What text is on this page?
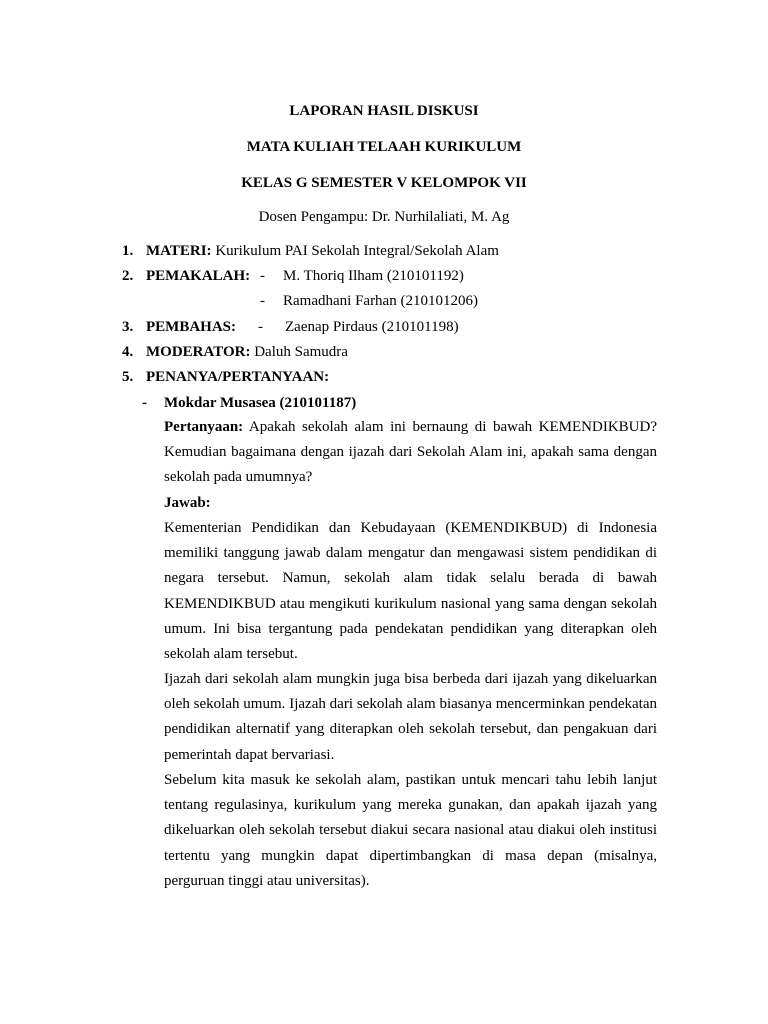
LAPORAN HASIL DISKUSI
MATA KULIAH TELAAH KURIKULUM
KELAS G SEMESTER V KELOMPOK VII
Dosen Pengampu: Dr. Nurhilaliati, M. Ag
1. MATERI: Kurikulum PAI Sekolah Integral/Sekolah Alam
2. PEMAKALAH: - M. Thoriq Ilham (210101192)
- Ramadhani Farhan (210101206)
3. PEMBAHAS: - Zaenap Pirdaus (210101198)
4. MODERATOR: Daluh Samudra
5. PENANYA/PERTANYAAN:
- Mokdar Musasea (210101187)
Pertanyaan: Apakah sekolah alam ini bernaung di bawah KEMENDIKBUD? Kemudian bagaimana dengan ijazah dari Sekolah Alam ini, apakah sama dengan sekolah pada umumnya?
Jawab:
Kementerian Pendidikan dan Kebudayaan (KEMENDIKBUD) di Indonesia memiliki tanggung jawab dalam mengatur dan mengawasi sistem pendidikan di negara tersebut. Namun, sekolah alam tidak selalu berada di bawah KEMENDIKBUD atau mengikuti kurikulum nasional yang sama dengan sekolah umum. Ini bisa tergantung pada pendekatan pendidikan yang diterapkan oleh sekolah alam tersebut.
Ijazah dari sekolah alam mungkin juga bisa berbeda dari ijazah yang dikeluarkan oleh sekolah umum. Ijazah dari sekolah alam biasanya mencerminkan pendekatan pendidikan alternatif yang diterapkan oleh sekolah tersebut, dan pengakuan dari pemerintah dapat bervariasi.
Sebelum kita masuk ke sekolah alam, pastikan untuk mencari tahu lebih lanjut tentang regulasinya, kurikulum yang mereka gunakan, dan apakah ijazah yang dikeluarkan oleh sekolah tersebut diakui secara nasional atau diakui oleh institusi tertentu yang mungkin dapat dipertimbangkan di masa depan (misalnya, perguruan tinggi atau universitas).
